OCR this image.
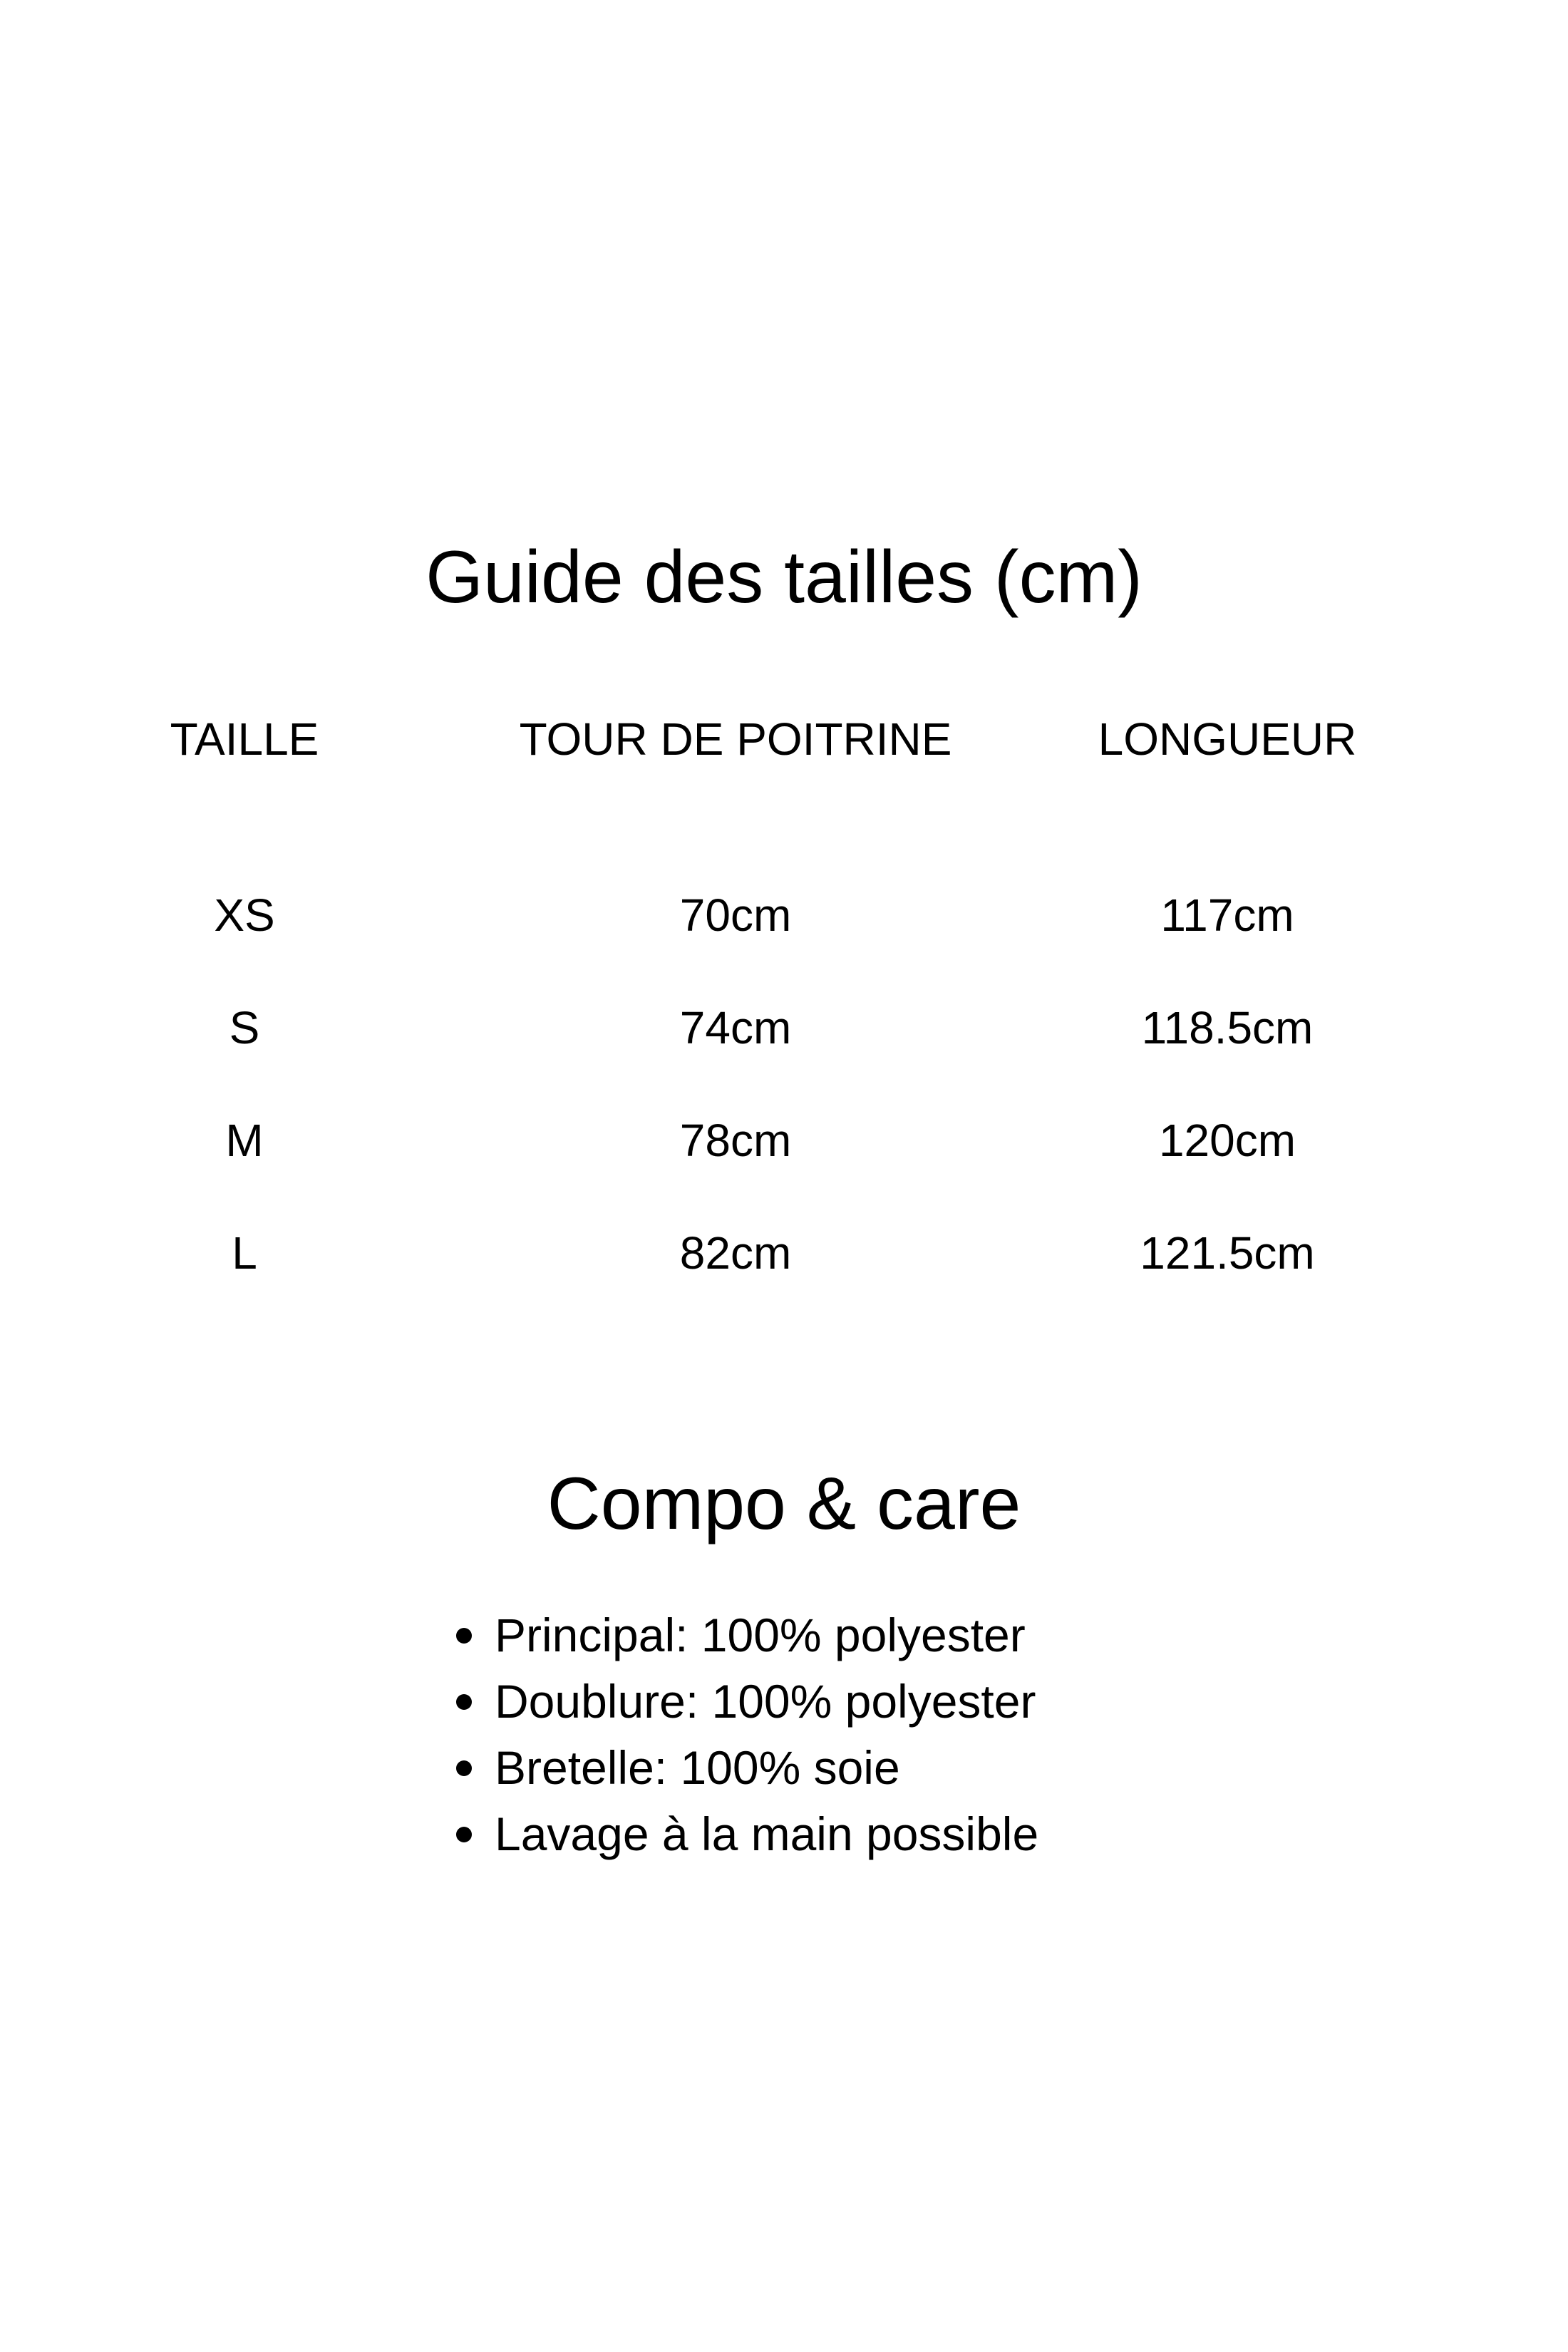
Guide des tailles (cm)
TAILLE	TOUR DE POITRINE	LONGUEUR
XS	70cm	117cm
S	74cm	118.5cm
M	78cm	120cm
L	82cm	121.5cm
Compo & care
Principal: 100% polyester
Doublure: 100% polyester
Bretelle: 100% soie
Lavage à la main possible
